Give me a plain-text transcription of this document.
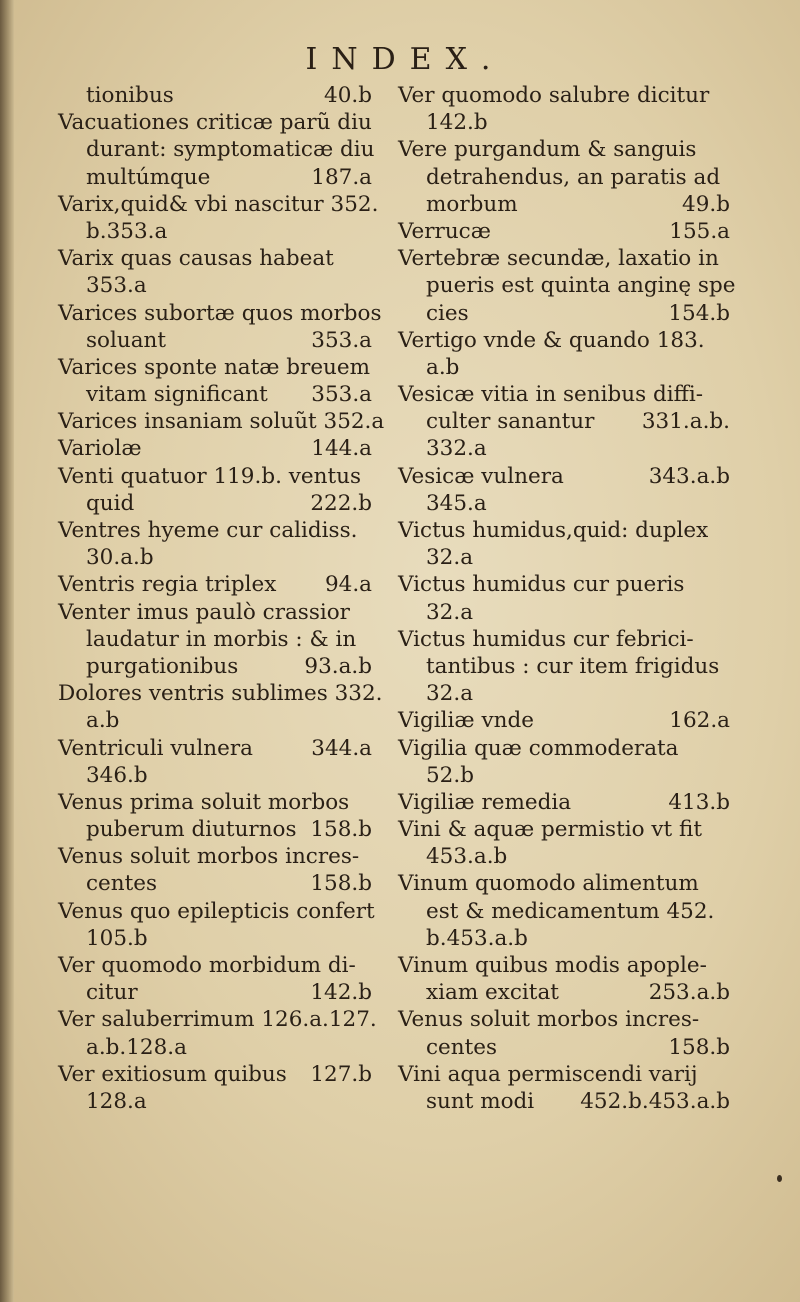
INDEX.
tionibus	40.b
Vacuationes criticæ parũ diu
durant: symptomaticæ diu
multúmque	187.a
Varix,quid& vbi nascitur 352.
b.353.a
Varix quas causas habeat
353.a
Varices subortæ quos morbos
soluant	353.a
Varices sponte natæ breuem
vitam significant 353.a
Varices insaniam soluũt 352.a
Variolæ	144.a
Venti quatuor 119.b. ventus
quid	222.b
Ventres hyeme cur calidiss.
30.a.b
Ventris regia triplex 94.a
Venter imus paulò crassior
laudatur in morbis : & in
purgationibus	93.a.b
Dolores ventris sublimes 332.
a.b
Ventriculi vulnera	344.a
346.b
Venus prima soluit morbos
puberum diuturnos 158.b
Venus soluit morbos incres-
centes	158.b
Venus quo epilepticis confert
105.b
Ver quomodo morbidum di-
citur	142.b
Ver saluberrimum 126.a.127.
a.b.128.a
Ver exitiosum quibus 127.b
128.a
Ver quomodo salubre dicitur
142.b
Vere purgandum & sanguis
detrahendus, an paratis ad
morbum	49.b
Verrucæ	155.a
Vertebræ secundæ, laxatio in
pueris est quinta anginę spe
cies	154.b
Vertigo vnde & quando 183.
a.b
Vesicæ vitia in senibus diffi-
culter sanantur 331.a.b.
332.a
Vesicæ vulnera	343.a.b
345.a
Victus humidus,quid: duplex
32.a
Victus humidus cur pueris
32.a
Victus humidus cur febrici-
tantibus : cur item frigidus
32.a
Vigiliæ vnde	162.a
Vigilia quæ commoderata
52.b
Vigiliæ remedia	413.b
Vini & aquæ permistio vt fit
453.a.b
Vinum quomodo alimentum
est & medicamentum 452.
b.453.a.b
Vinum quibus modis apople-
xiam excitat	253.a.b
Venus soluit morbos incres-
centes	158.b
Vini aqua permiscendi varij
sunt modi 452.b.453.a.b
